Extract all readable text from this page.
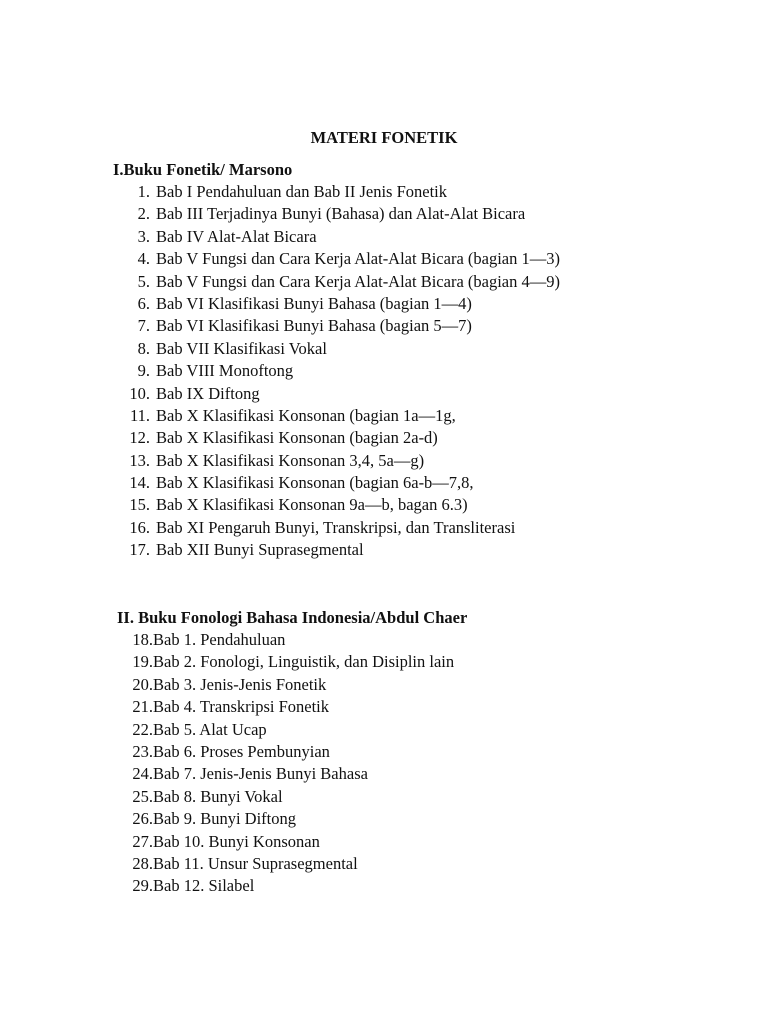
MATERI FONETIK
I.Buku Fonetik/ Marsono
1. Bab I Pendahuluan dan Bab II Jenis Fonetik
2. Bab III Terjadinya Bunyi (Bahasa) dan Alat-Alat Bicara
3. Bab IV Alat-Alat Bicara
4. Bab V Fungsi dan Cara Kerja Alat-Alat Bicara (bagian 1—3)
5. Bab V Fungsi dan Cara Kerja Alat-Alat Bicara (bagian 4—9)
6. Bab VI Klasifikasi Bunyi Bahasa (bagian 1—4)
7. Bab VI Klasifikasi Bunyi Bahasa (bagian 5—7)
8. Bab VII Klasifikasi Vokal
9. Bab VIII Monoftong
10. Bab IX Diftong
11. Bab X Klasifikasi Konsonan (bagian 1a—1g,
12. Bab X Klasifikasi Konsonan (bagian 2a-d)
13. Bab X Klasifikasi Konsonan 3,4, 5a—g)
14. Bab X Klasifikasi Konsonan (bagian 6a-b—7,8,
15. Bab X Klasifikasi Konsonan 9a—b, bagan 6.3)
16. Bab XI Pengaruh Bunyi, Transkripsi, dan Transliterasi
17. Bab XII Bunyi Suprasegmental
II. Buku Fonologi Bahasa Indonesia/Abdul Chaer
18. Bab 1. Pendahuluan
19. Bab 2. Fonologi, Linguistik, dan Disiplin lain
20. Bab 3. Jenis-Jenis Fonetik
21. Bab 4. Transkripsi Fonetik
22. Bab 5. Alat Ucap
23. Bab 6. Proses Pembunyian
24. Bab 7. Jenis-Jenis Bunyi Bahasa
25. Bab 8. Bunyi Vokal
26. Bab 9. Bunyi Diftong
27. Bab 10. Bunyi Konsonan
28. Bab 11. Unsur Suprasegmental
29. Bab 12. Silabel
